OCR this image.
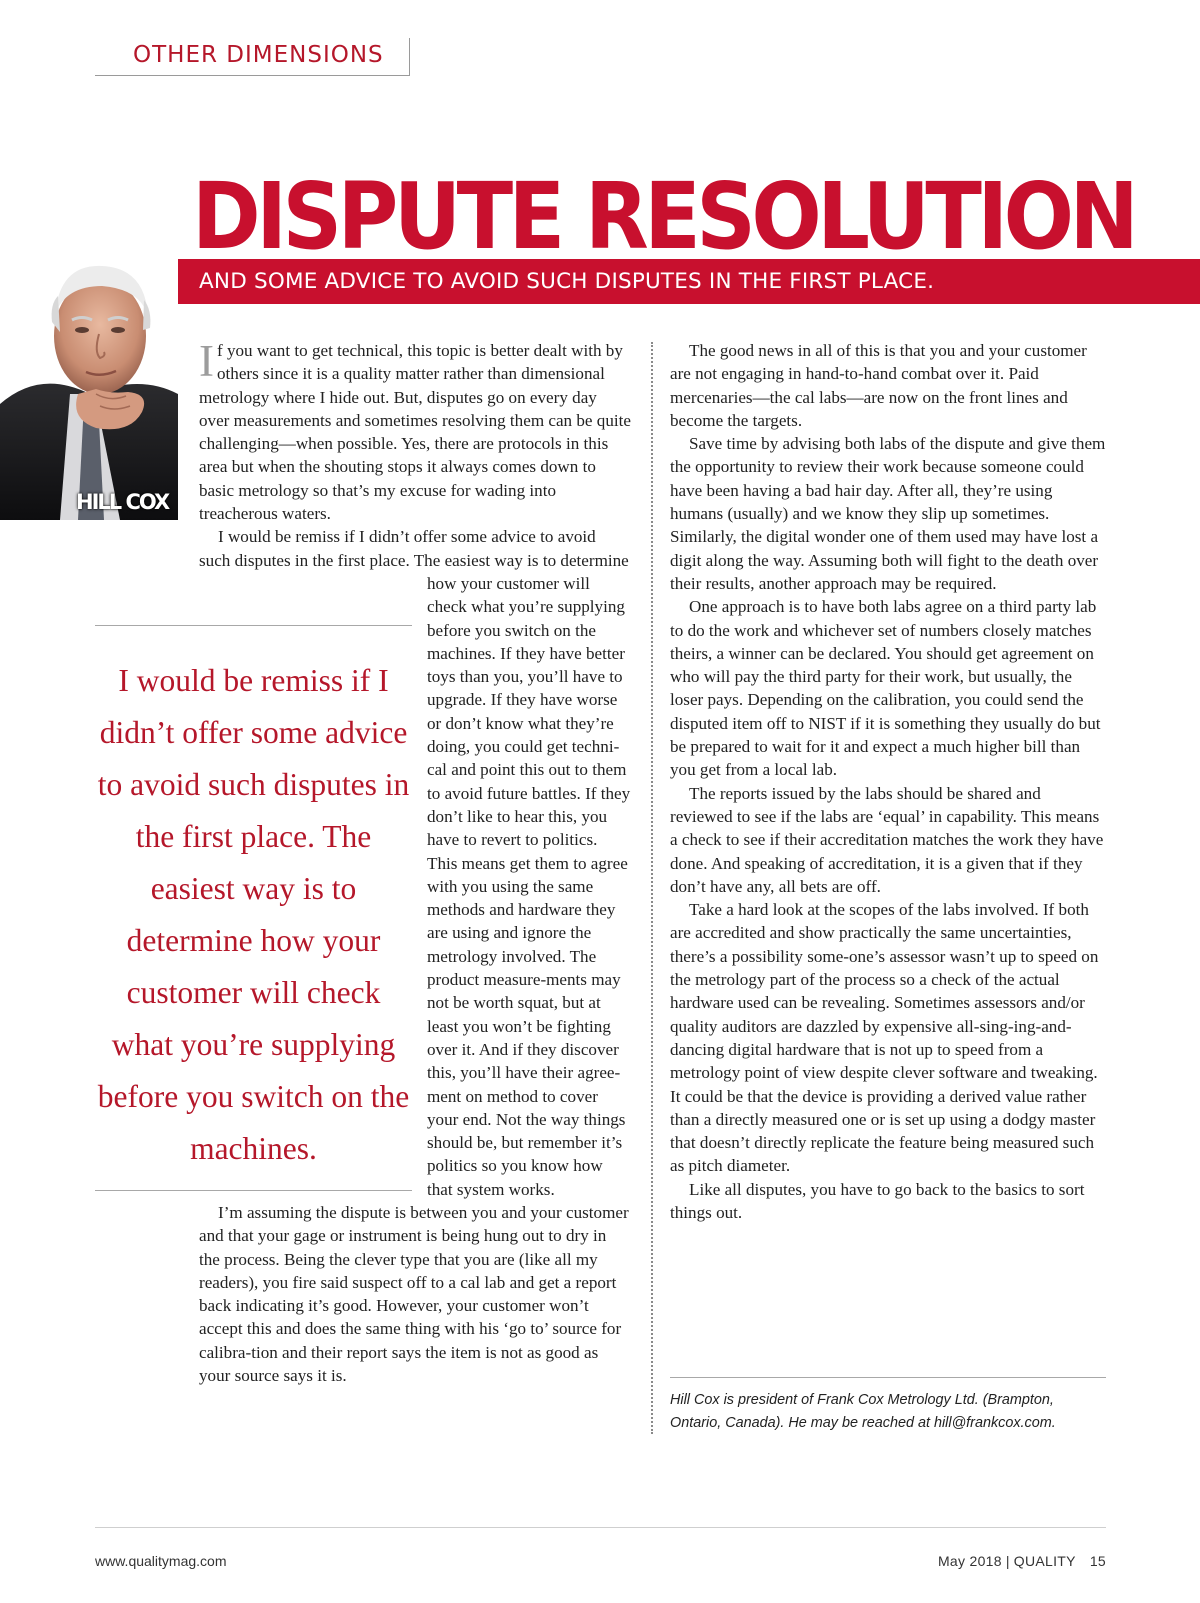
OTHER DIMENSIONS
DISPUTE RESOLUTION
AND SOME ADVICE TO AVOID SUCH DISPUTES IN THE FIRST PLACE.
HILL COX

I would be remiss if I didn’t offer some advice to avoid such disputes in the first place. The easiest way is to determine how your customer will check what you’re supplying before you switch on the machines.

If you want to get technical, this topic is better dealt with by others since it is a quality matter rather than dimensional metrology where I hide out. But, disputes go on every day over measurements and sometimes resolving them can be quite challenging—when possible. Yes, there are protocols in this area but when the shouting stops it always comes down to basic metrology so that’s my excuse for wading into treacherous waters.

I would be remiss if I didn’t offer some advice to avoid such disputes in the first place. The easiest way is to determine how your customer will check what you’re supplying before you switch on the machines. If they have better toys than you, you’ll have to upgrade. If they have worse or don’t know what they’re doing, you could get techni-cal and point this out to them to avoid future battles. If they don’t like to hear this, you have to revert to politics. This means get them to agree with you using the same methods and hardware they are using and ignore the metrology involved. The product measure-ments may not be worth squat, but at least you won’t be fighting over it. And if they discover this, you’ll have their agree-ment on method to cover your end. Not the way things should be, but remember it’s politics so you know how that system works.

I’m assuming the dispute is between you and your customer and that your gage or instrument is being hung out to dry in the process. Being the clever type that you are (like all my readers), you fire said suspect off to a cal lab and get a report back indicating it’s good. However, your customer won’t accept this and does the same thing with his ‘go to’ source for calibra-tion and their report says the item is not as good as your source says it is.

The good news in all of this is that you and your customer are not engaging in hand-to-hand combat over it. Paid mercenaries—the cal labs—are now on the front lines and become the targets.

Save time by advising both labs of the dispute and give them the opportunity to review their work because someone could have been having a bad hair day. After all, they’re using humans (usually) and we know they slip up sometimes. Similarly, the digital wonder one of them used may have lost a digit along the way. Assuming both will fight to the death over their results, another approach may be required.

One approach is to have both labs agree on a third party lab to do the work and whichever set of numbers closely matches theirs, a winner can be declared. You should get agreement on who will pay the third party for their work, but usually, the loser pays. Depending on the calibration, you could send the disputed item off to NIST if it is something they usually do but be prepared to wait for it and expect a much higher bill than you get from a local lab.

The reports issued by the labs should be shared and reviewed to see if the labs are ‘equal’ in capability. This means a check to see if their accreditation matches the work they have done. And speaking of accreditation, it is a given that if they don’t have any, all bets are off.

Take a hard look at the scopes of the labs involved. If both are accredited and show practically the same uncertainties, there’s a possibility some-one’s assessor wasn’t up to speed on the metrology part of the process so a check of the actual hardware used can be revealing. Sometimes assessors and/or quality auditors are dazzled by expensive all-sing-ing-and-dancing digital hardware that is not up to speed from a metrology point of view despite clever software and tweaking. It could be that the device is providing a derived value rather than a directly measured one or is set up using a dodgy master that doesn’t directly replicate the feature being measured such as pitch diameter.

Like all disputes, you have to go back to the basics to sort things out.

Hill Cox is president of Frank Cox Metrology Ltd. (Brampton, Ontario, Canada). He may be reached at hill@frankcox.com.

www.qualitymag.com	May 2018 | QUALITY 15
